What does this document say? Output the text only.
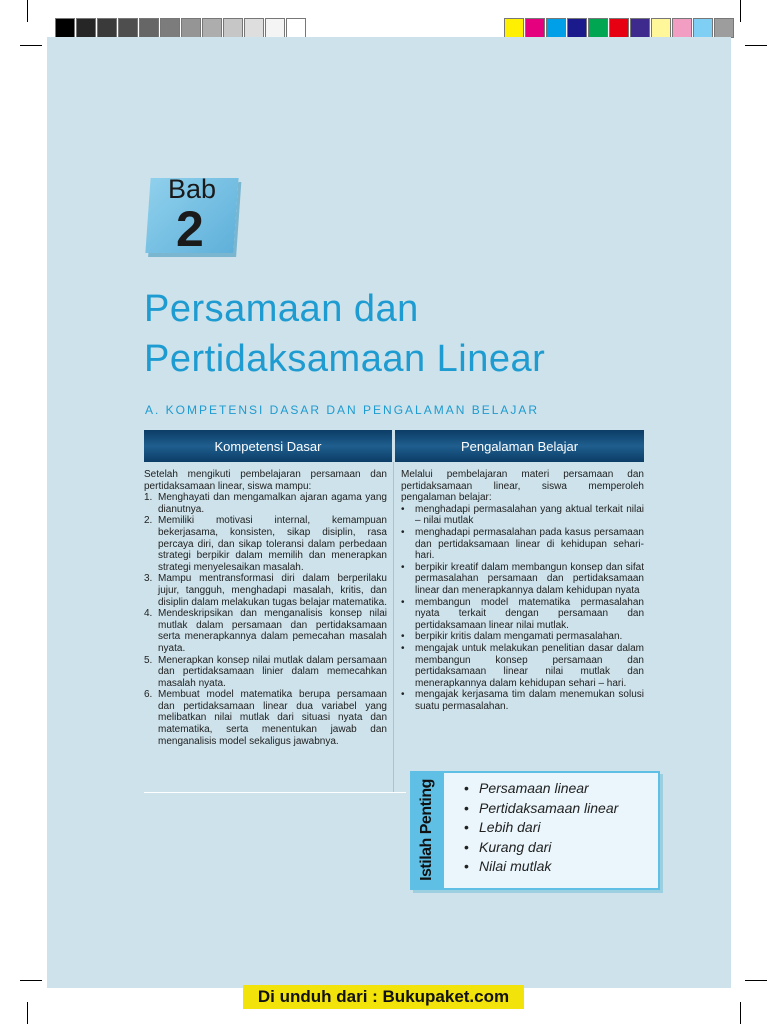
Bab
2
Persamaan dan
Pertidaksamaan Linear
A. KOMPETENSI DASAR DAN PENGALAMAN BELAJAR
Kompetensi Dasar	Pengalaman Belajar

Setelah mengikuti pembelajaran persamaan dan pertidaksamaan linear, siswa mampu:

1. Menghayati dan mengamalkan ajaran agama yang dianutnya.
2. Memiliki motivasi internal, kemampuan bekerjasama, konsisten, sikap disiplin, rasa percaya diri, dan sikap toleransi dalam perbedaan strategi berpikir dalam memilih dan menerapkan strategi menyelesaikan masalah.
3. Mampu mentransformasi diri dalam berperilaku jujur, tangguh, menghadapi masalah, kritis, dan disiplin dalam melakukan tugas belajar matematika.
4. Mendeskripsikan dan menganalisis konsep nilai mutlak dalam persamaan dan pertidaksamaan serta menerapkannya dalam pemecahan masalah nyata.
5. Menerapkan konsep nilai mutlak dalam persamaan dan pertidaksamaan linier dalam memecahkan masalah nyata.
6. Membuat model matematika berupa persamaan dan pertidaksamaan linear dua variabel yang melibatkan nilai mutlak dari situasi nyata dan matematika, serta menentukan jawab dan menganalisis model sekaligus jawabnya.

Melalui pembelajaran materi persamaan dan pertidaksamaan linear, siswa memperoleh pengalaman belajar:

• menghadapi permasalahan yang aktual terkait nilai – nilai mutlak
• menghadapi permasalahan pada kasus persamaan dan pertidaksamaan linear di kehidupan sehari-hari.
• berpikir kreatif dalam membangun konsep dan sifat permasalahan persamaan dan pertidaksamaan linear dan menerapkannya dalam kehidupan nyata
• membangun model matematika permasalahan nyata terkait dengan persamaan dan pertidaksamaan linear nilai mutlak.
• berpikir kritis dalam mengamati permasalahan.
• mengajak untuk melakukan penelitian dasar dalam membangun konsep persamaan dan pertidaksamaan linear nilai mutlak dan menerapkannya dalam kehidupan sehari – hari.
• mengajak kerjasama tim dalam menemukan solusi suatu permasalahan.
• Persamaan linear
• Pertidaksamaan linear
• Lebih dari
• Kurang dari
• Nilai mutlak
Istilah Penting
Di unduh dari : Bukupaket.com
